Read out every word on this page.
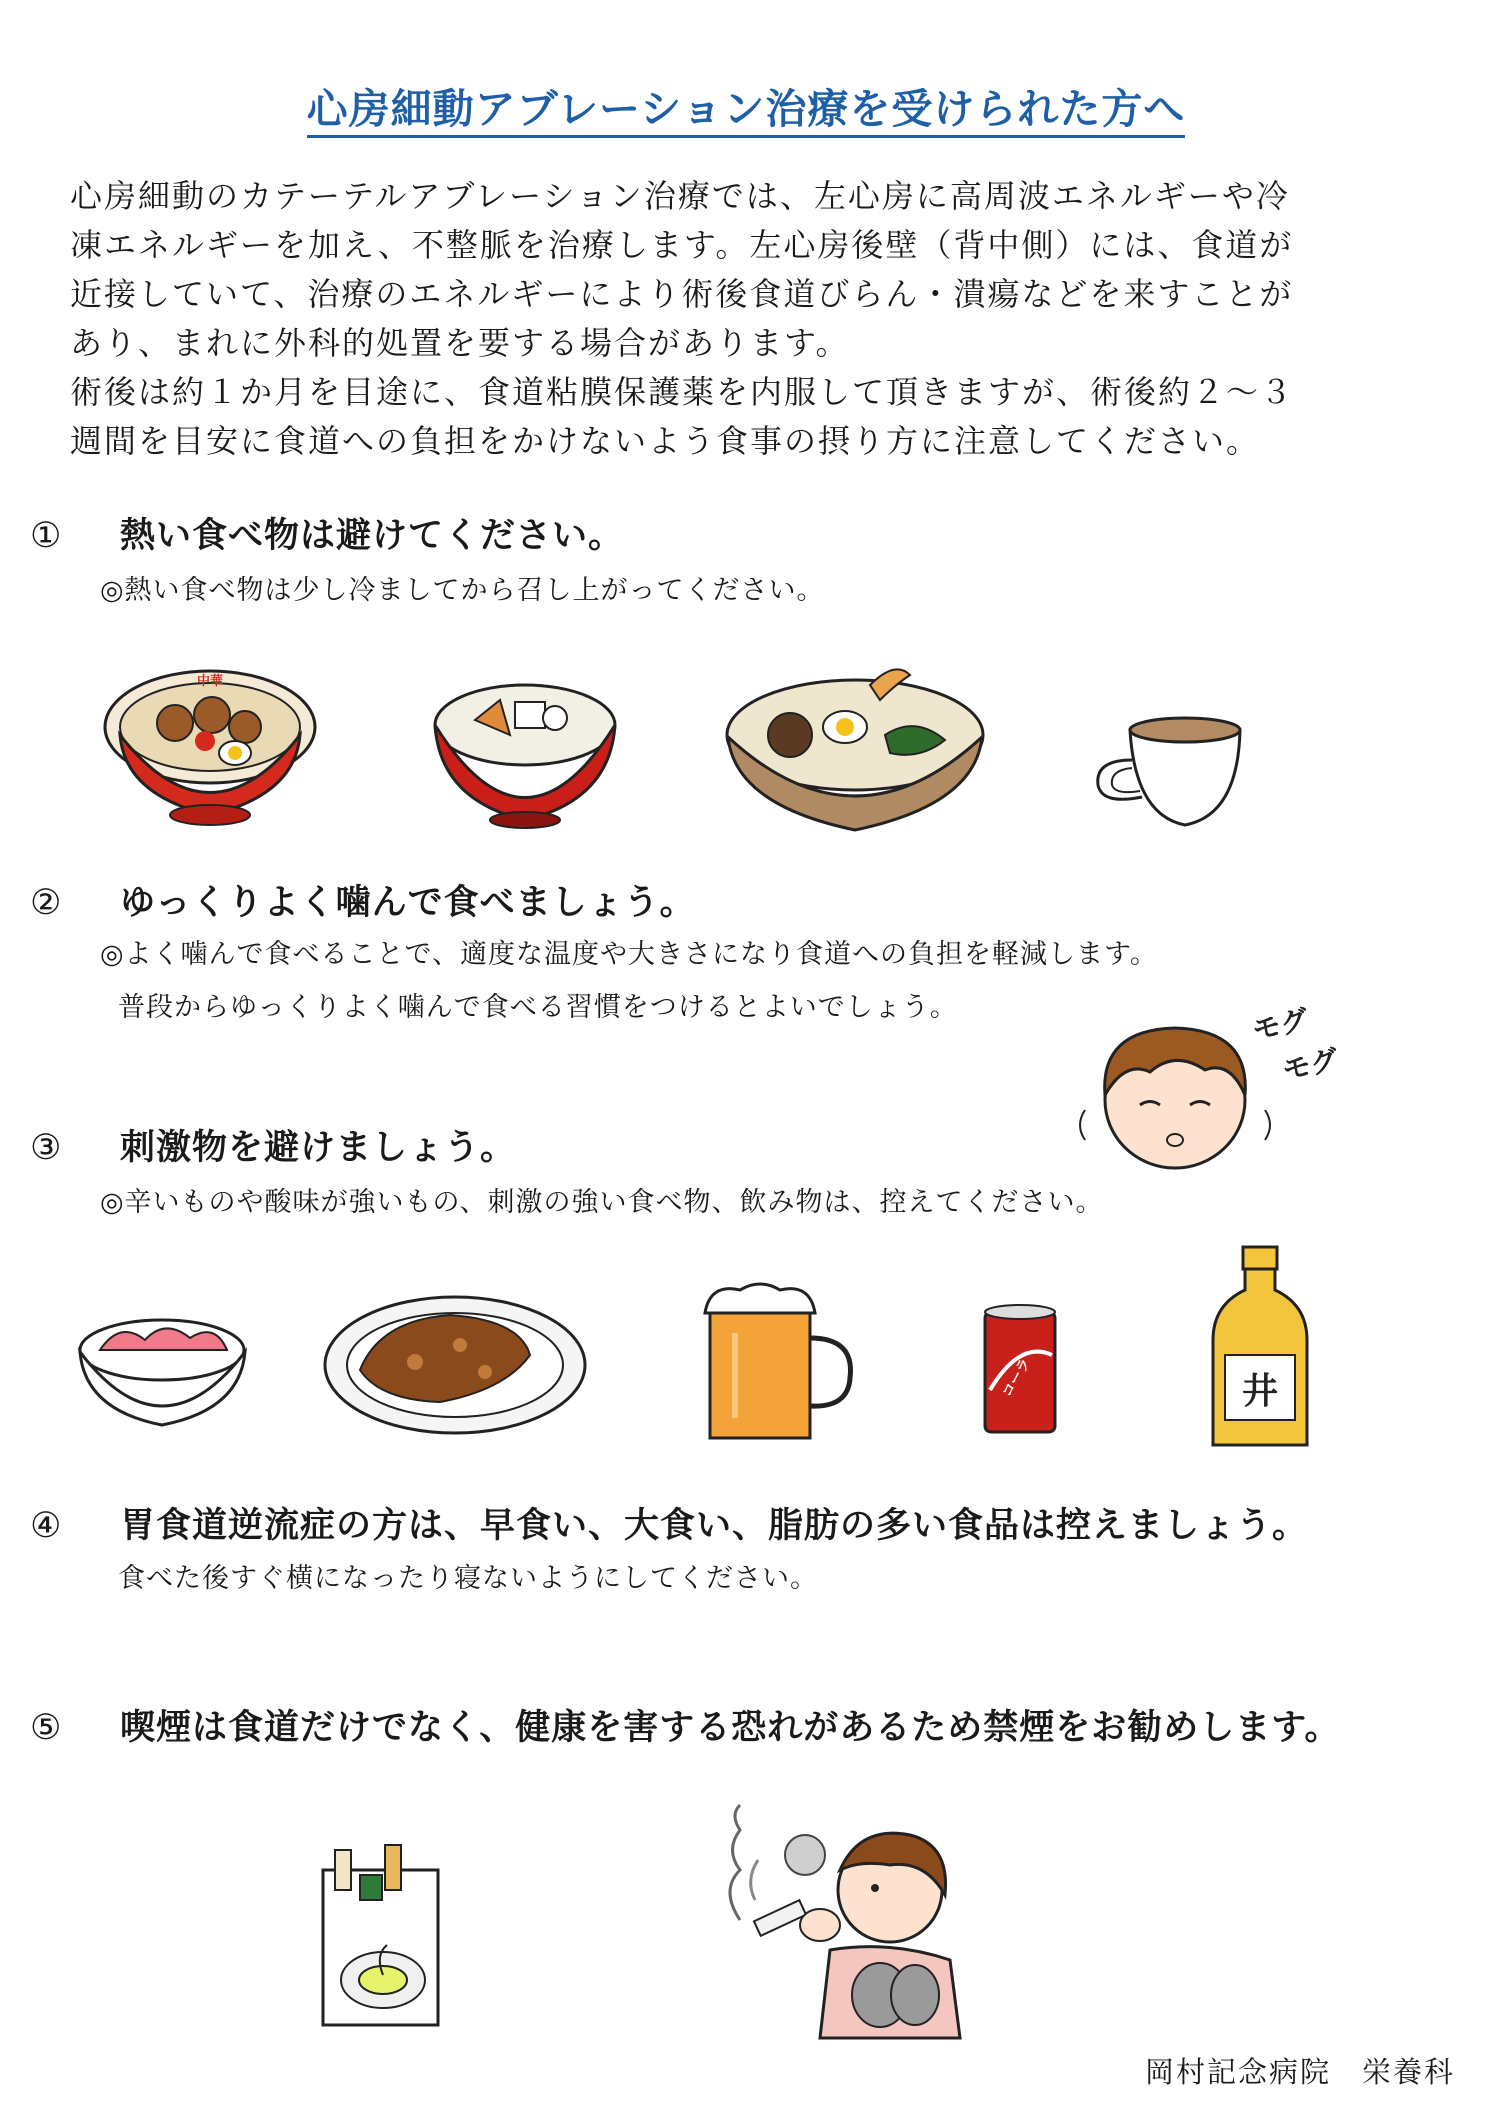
心房細動アブレーション治療を受けられた方へ

心房細動のカテーテルアブレーション治療では、左心房に高周波エネルギーや冷

凍エネルギーを加え、不整脈を治療します。左心房後壁（背中側）には、食道が

近接していて、治療のエネルギーにより術後食道びらん・潰瘍などを来すことが

あり、まれに外科的処置を要する場合があります。

術後は約１か月を目途に、食道粘膜保護薬を内服して頂きますが、術後約２～３

週間を目安に食道への負担をかけないよう食事の摂り方に注意してください。

① 熱い食べ物は避けてください。
◎熱い食べ物は少し冷ましてから召し上がってください。
中華
② ゆっくりよく噛んで食べましょう。
◎よく噛んで食べることで、適度な温度や大きさになり食道への負担を軽減します。
普段からゆっくりよく噛んで食べる習慣をつけるとよいでしょう。	モグ
モグ
③ 刺激物を避けましょう。
◎辛いものや酸味が強いもの、刺激の強い食べ物、飲み物は、控えてください。
コーラ	井
④ 胃食道逆流症の方は、早食い、大食い、脂肪の多い食品は控えましょう。
食べた後すぐ横になったり寝ないようにしてください。
⑤ 喫煙は食道だけでなく、健康を害する恐れがあるため禁煙をお勧めします。
岡村記念病院　栄養科
